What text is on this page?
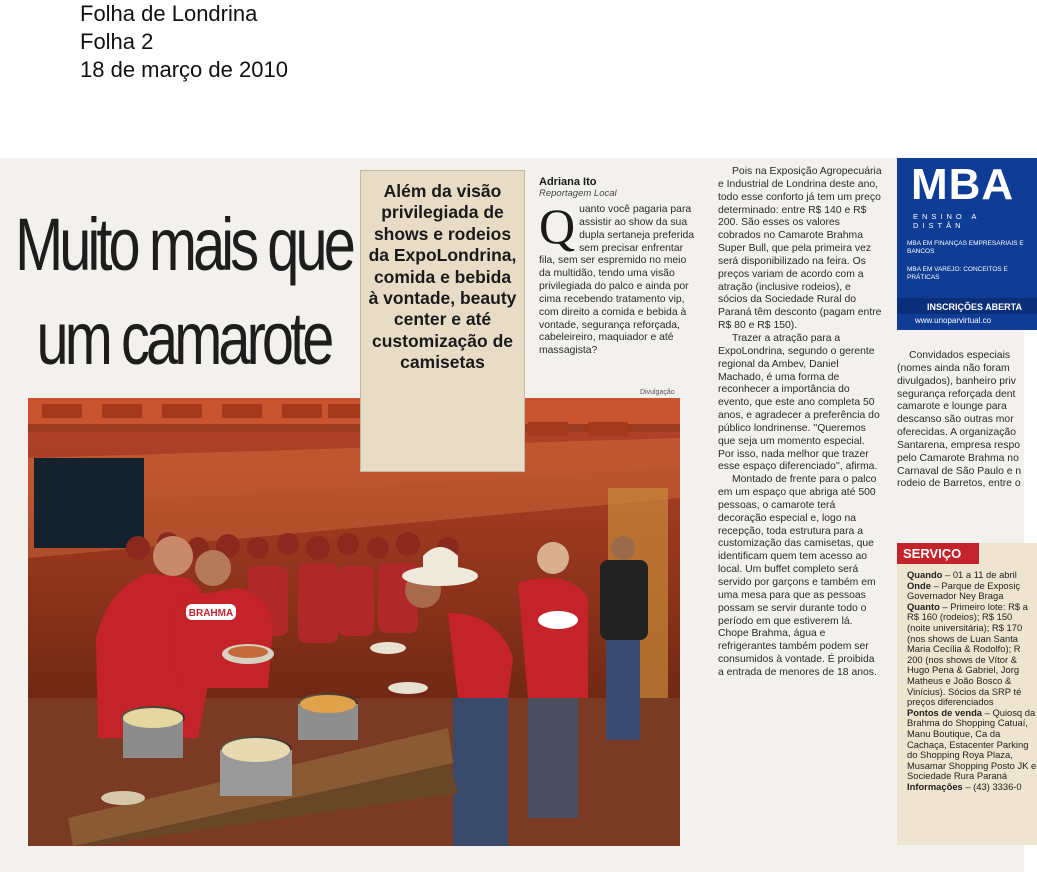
Folha de Londrina
Folha 2
18 de março de 2010
Muito mais que
um camarote
BRAHMA
Divulgação

Além da visão privilegiada de shows e rodeios da ExpoLondrina, comida e bebida à vontade, beauty center e até customização de camisetas

Adriana Ito
Reportagem Local

Quanto você pagaria para assistir ao show da sua dupla sertaneja preferida sem precisar enfrentar fila, sem ser espremido no meio da multidão, tendo uma visão privilegiada do palco e ainda por cima recebendo tratamento vip, com direito a comida e bebida à vontade, segurança reforçada, cabeleireiro, maquiador e até massagista?

Pois na Exposição Agropecuária e Industrial de Londrina deste ano, todo esse conforto já tem um preço determinado: entre R$ 140 e R$ 200. São esses os valores cobrados no Camarote Brahma Super Bull, que pela primeira vez será disponibilizado na feira. Os preços variam de acordo com a atração (inclusive rodeios), e sócios da Sociedade Rural do Paraná têm desconto (pagam entre R$ 80 e R$ 150).

Trazer a atração para a ExpoLondrina, segundo o gerente regional da Ambev, Daniel Machado, é uma forma de reconhecer a importância do evento, que este ano completa 50 anos, e agradecer a preferência do público londrinense. ''Queremos que seja um momento especial. Por isso, nada melhor que trazer esse espaço diferenciado'', afirma.

Montado de frente para o palco em um espaço que abriga até 500 pessoas, o camarote terá decoração especial e, logo na recepção, toda estrutura para a customização das camisetas, que identificam quem tem acesso ao local. Um buffet completo será servido por garçons e também em uma mesa para que as pessoas possam se servir durante todo o período em que estiverem lá. Chope Brahma, água e refrigerantes também podem ser consumidos à vontade. É proibida a entrada de menores de 18 anos.

MBA
ENSINO A DISTÂN
MBA EM FINANÇAS EMPRESARIAIS E BANCOS
MBA EM VAREJO: CONCEITOS E PRÁTICAS
INSCRIÇÕES ABERTA
www.unoparvirtual.co

Convidados especiais (nomes ainda não foram divulgados), banheiro priv segurança reforçada dent camarote e lounge para descanso são outras mor oferecidas. A organização Santarena, empresa respo pelo Camarote Brahma no Carnaval de São Paulo e n rodeio de Barretos, entre o

SERVIÇO
Quando – 01 a 11 de abril
Onde – Parque de Exposiç Governador Ney Braga
Quanto – Primeiro lote: R$ a R$ 160 (rodeios); R$ 150 (noite universitária); R$ 170 (nos shows de Luan Santa Maria Cecília & Rodolfo); R 200 (nos shows de Vítor & Hugo Pena & Gabriel, Jorg Matheus e João Bosco & Vinícius). Sócios da SRP té preços diferenciados
Pontos de venda – Quiosq da Brahma do Shopping Catuaí, Manu Boutique, Ca da Cachaça, Estacenter Parking do Shopping Roya Plaza, Musamar Shopping Posto JK e Sociedade Rura Paraná
Informações – (43) 3336-0
